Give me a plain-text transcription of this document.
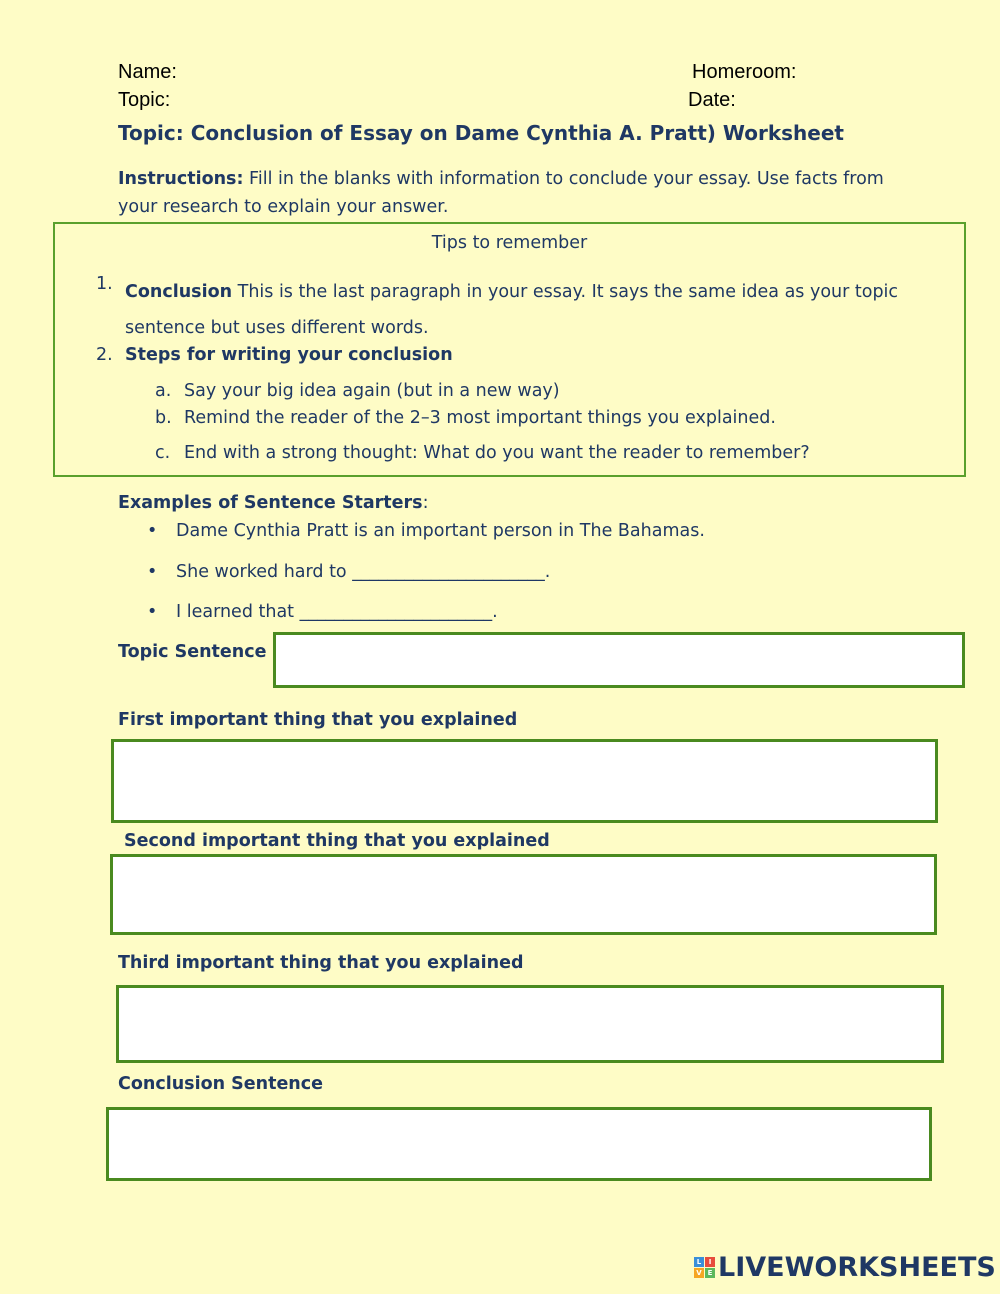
Name:	Homeroom:
Topic:	Date:
Topic: Conclusion of Essay on Dame Cynthia A. Pratt) Worksheet
Instructions: Fill in the blanks with information to conclude your essay. Use facts from
your research to explain your answer.
Tips to remember
1. Conclusion This is the last paragraph in your essay. It says the same idea as your topic
sentence but uses different words.
2. Steps for writing your conclusion
a. Say your big idea again (but in a new way)
b. Remind the reader of the 2–3 most important things you explained.
c. End with a strong thought: What do you want the reader to remember?
Examples of Sentence Starters:
• Dame Cynthia Pratt is an important person in The Bahamas.
• She worked hard to ______________________.
• I learned that ______________________.
Topic Sentence
First important thing that you explained
Second important thing that you explained
Third important thing that you explained
Conclusion Sentence
L	I
V E LIVEWORKSHEETS
